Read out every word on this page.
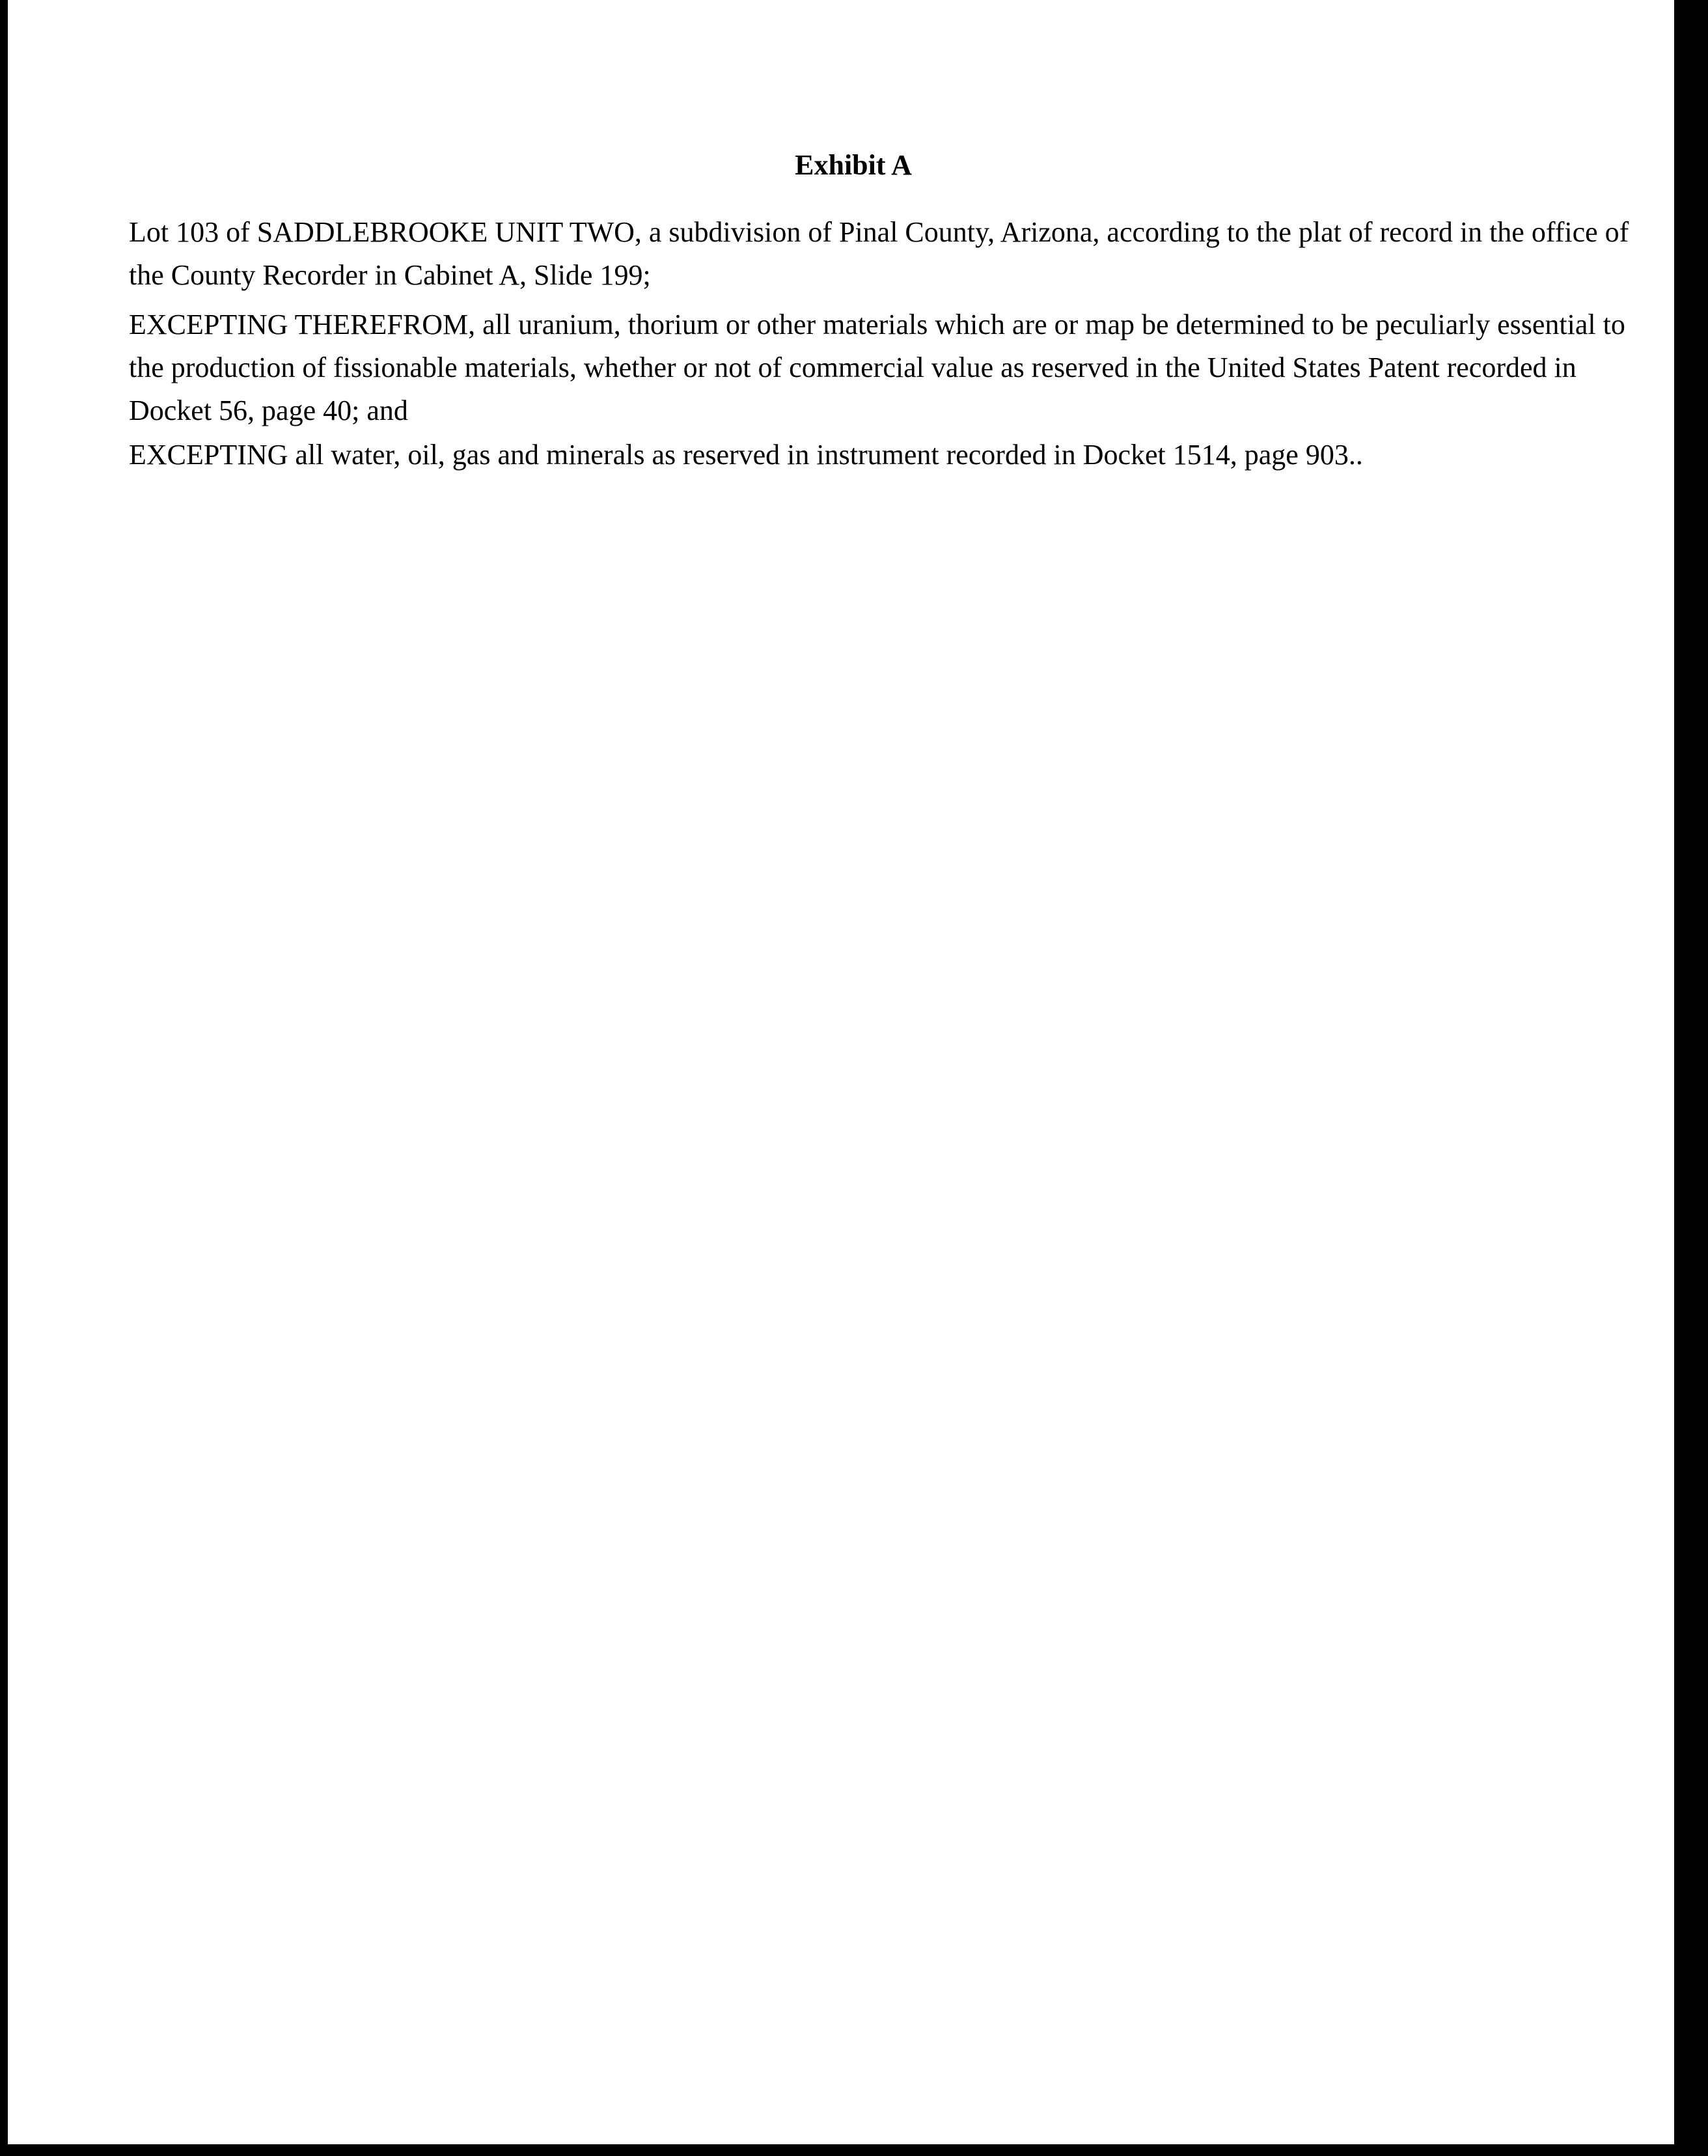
Exhibit A

Lot 103 of SADDLEBROOKE UNIT TWO, a subdivision of Pinal County, Arizona, according to the plat of record in the office of
the County Recorder in Cabinet A, Slide 199;

EXCEPTING THEREFROM, all uranium, thorium or other materials which are or map be determined to be peculiarly essential to
the production of fissionable materials, whether or not of commercial value as reserved in the United States Patent recorded in
Docket 56, page 40; and

EXCEPTING all water, oil, gas and minerals as reserved in instrument recorded in Docket 1514, page 903..
